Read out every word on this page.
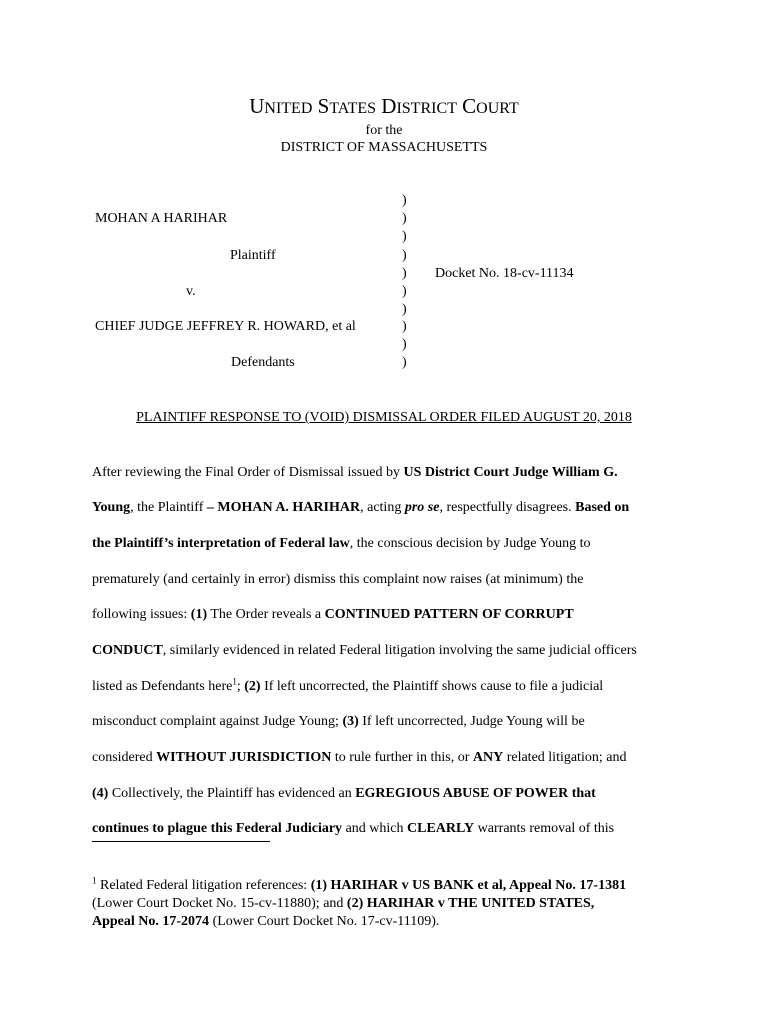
UNITED STATES DISTRICT COURT
for the
DISTRICT OF MASSACHUSETTS
MOHAN A HARIHAR
Plaintiff
v.
CHIEF JUDGE JEFFREY R. HOWARD, et al
Defendants
)
)
)
)
)
)
)
)
)
)
Docket No. 18-cv-11134
PLAINTIFF RESPONSE TO (VOID) DISMISSAL ORDER FILED AUGUST 20, 2018
After reviewing the Final Order of Dismissal issued by US District Court Judge William G.
Young, the Plaintiff – MOHAN A. HARIHAR, acting pro se, respectfully disagrees. Based on
the Plaintiff’s interpretation of Federal law, the conscious decision by Judge Young to
prematurely (and certainly in error) dismiss this complaint now raises (at minimum) the
following issues: (1) The Order reveals a CONTINUED PATTERN OF CORRUPT
CONDUCT, similarly evidenced in related Federal litigation involving the same judicial officers
listed as Defendants here$^1$; (2) If left uncorrected, the Plaintiff shows cause to file a judicial
misconduct complaint against Judge Young; (3) If left uncorrected, Judge Young will be
considered WITHOUT JURISDICTION to rule further in this, or ANY related litigation; and
(4) Collectively, the Plaintiff has evidenced an EGREGIOUS ABUSE OF POWER that
continues to plague this Federal Judiciary and which CLEARLY warrants removal of this
$^1$ Related Federal litigation references: (1) HARIHAR v US BANK et al, Appeal No. 17-1381
(Lower Court Docket No. 15-cv-11880); and (2) HARIHAR v THE UNITED STATES,
Appeal No. 17-2074 (Lower Court Docket No. 17-cv-11109).
